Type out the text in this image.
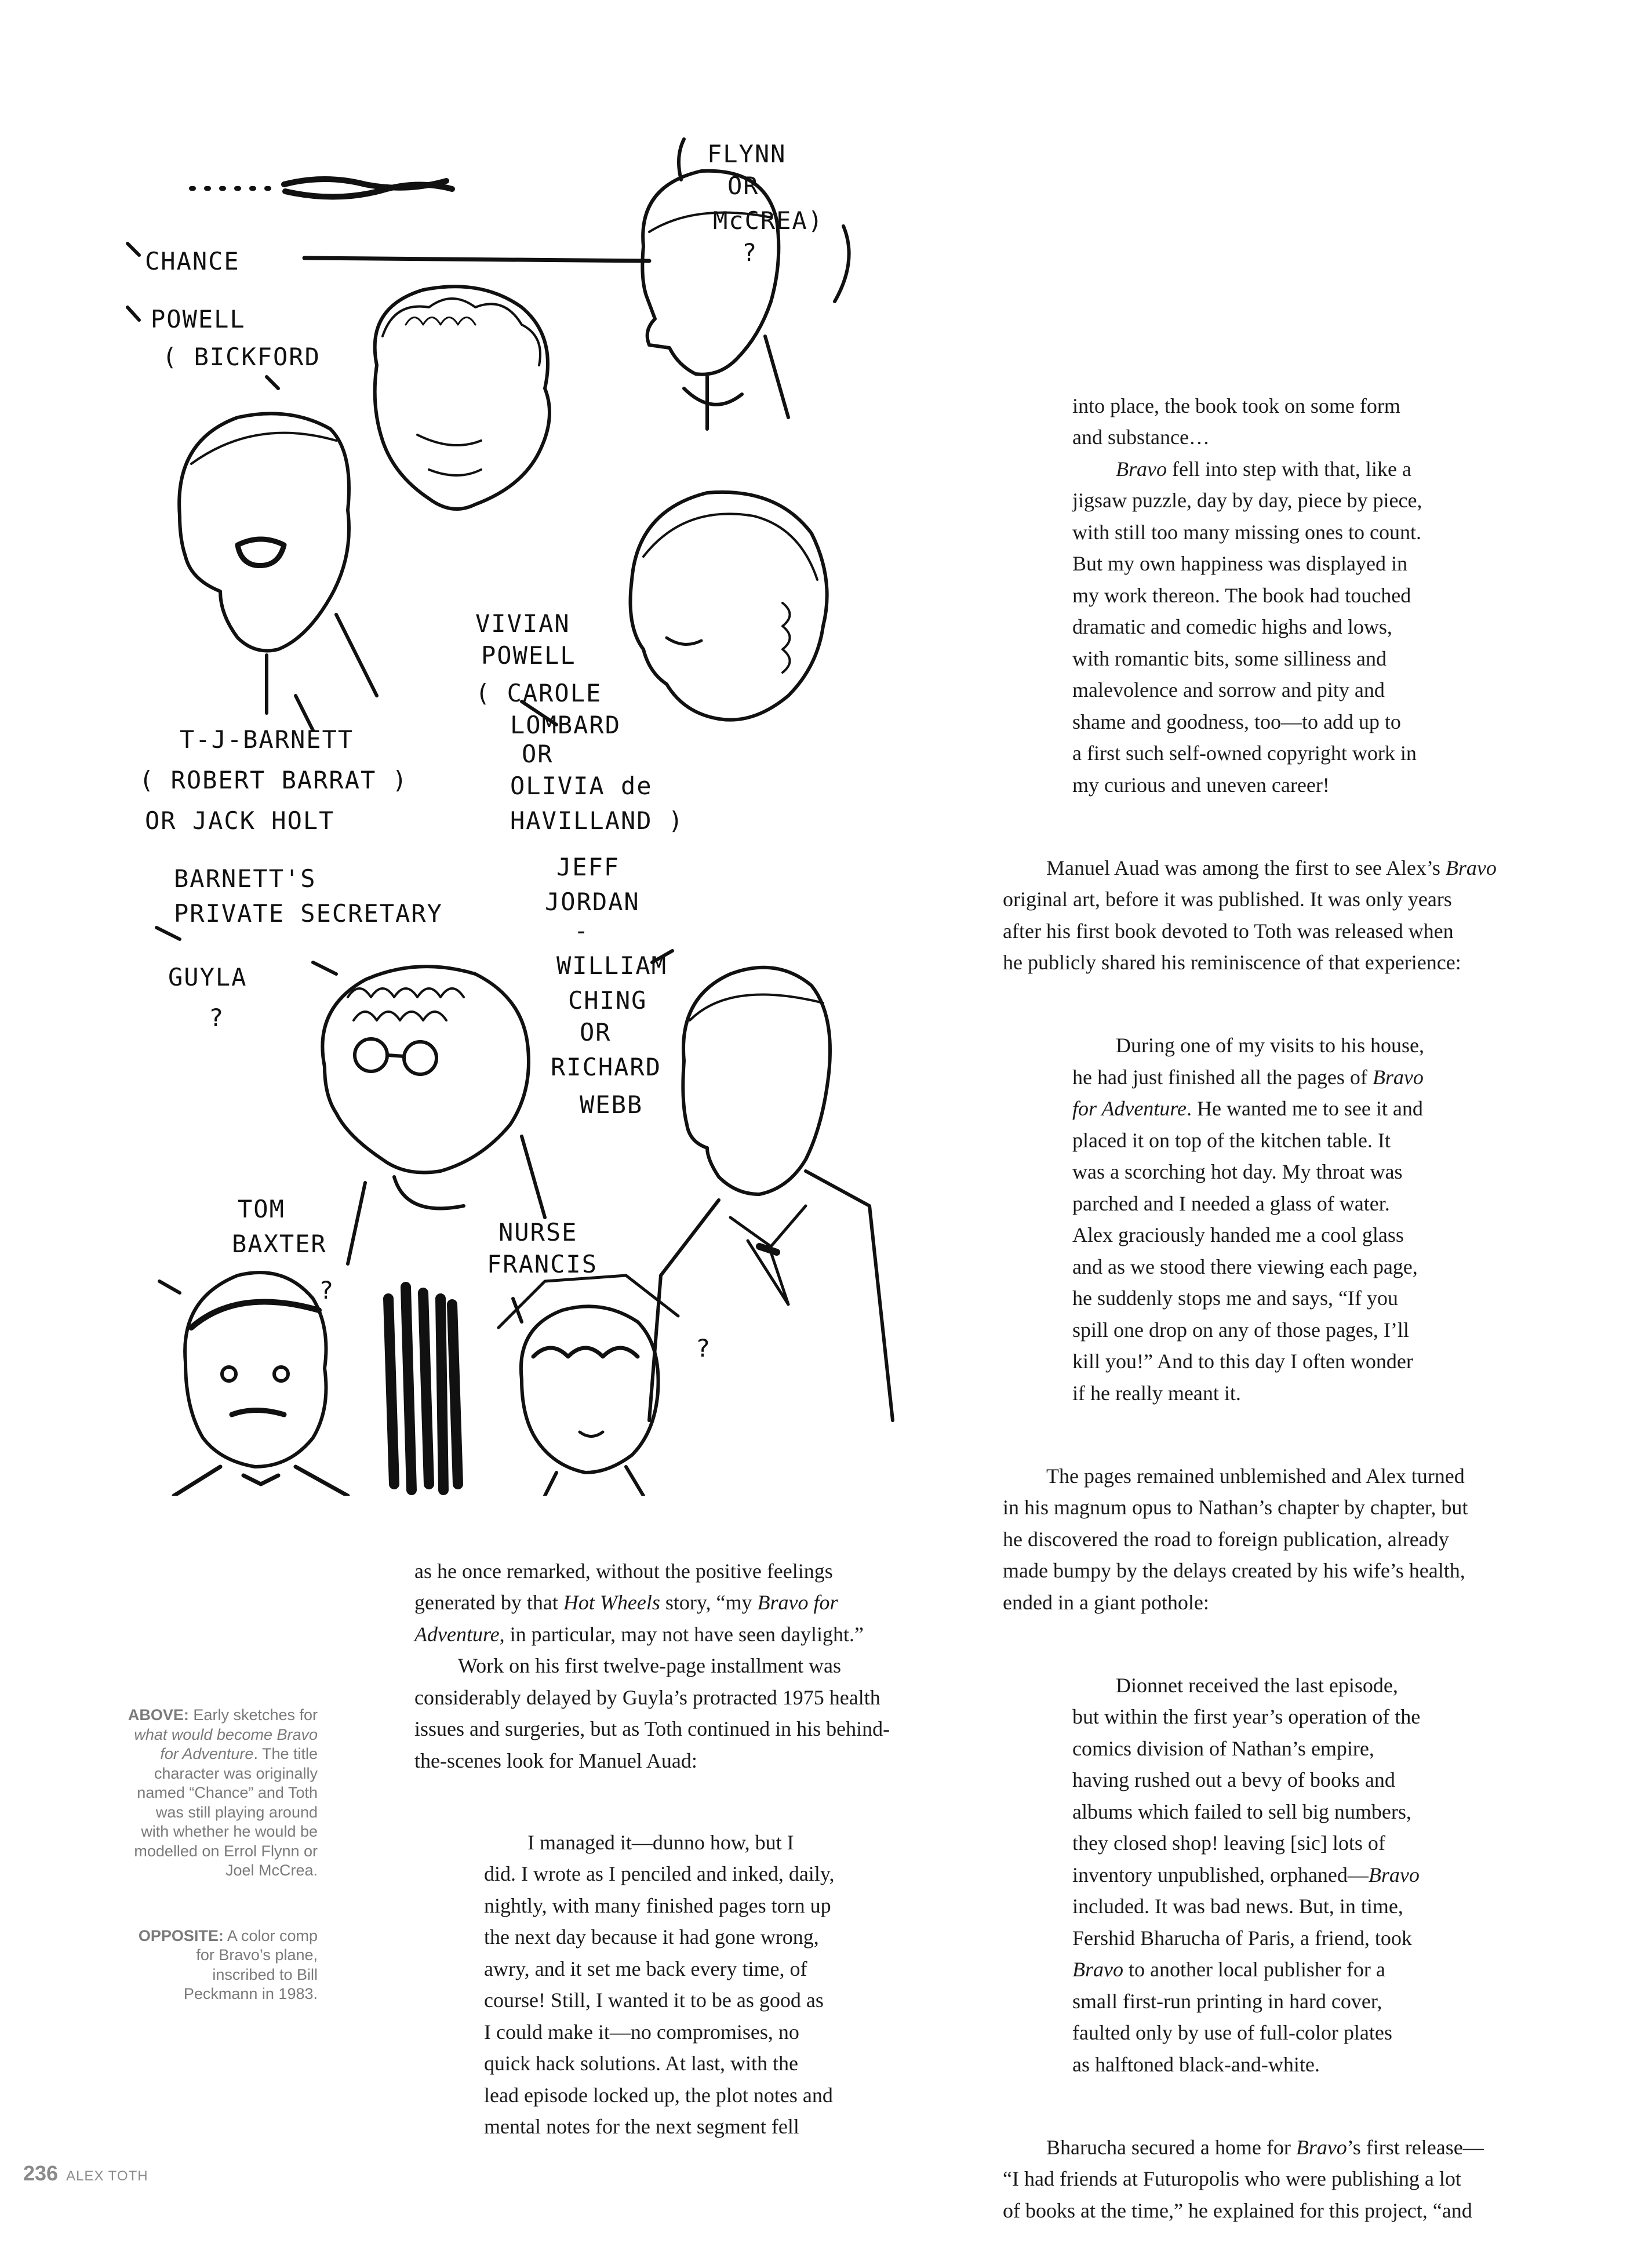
CHANCE
FLYNN
OR
McCREA)
?
POWELL
( BICKFORD
T-J-BARNETT
( ROBERT BARRAT )
OR JACK HOLT
VIVIAN
POWELL
( CAROLE
LOMBARD
OR
OLIVIA de
HAVILLAND )
BARNETT'S
PRIVATE SECRETARY
GUYLA
?
JEFF
JORDAN
-
WILLIAM
CHING
OR
RICHARD
WEBB
TOM
BAXTER
?
NURSE
FRANCIS
?

ABOVE: Early sketches for
what would become Bravo
for Adventure. The title
character was originally
named “Chance” and Toth
was still playing around
with whether he would be
modelled on Errol Flynn or
Joel McCrea.

OPPOSITE: A color comp
for Bravo’s plane,
inscribed to Bill
Peckmann in 1983.

as he once remarked, without the positive feelings
generated by that Hot Wheels story, “my Bravo for
Adventure, in particular, may not have seen daylight.”
Work on his first twelve-page installment was
considerably delayed by Guyla’s protracted 1975 health
issues and surgeries, but as Toth continued in his behind-
the-scenes look for Manuel Auad:

I managed it—dunno how, but I
did. I wrote as I penciled and inked, daily,
nightly, with many finished pages torn up
the next day because it had gone wrong,
awry, and it set me back every time, of
course! Still, I wanted it to be as good as
I could make it—no compromises, no
quick hack solutions. At last, with the
lead episode locked up, the plot notes and
mental notes for the next segment fell

into place, the book took on some form
and substance…
Bravo fell into step with that, like a
jigsaw puzzle, day by day, piece by piece,
with still too many missing ones to count.
But my own happiness was displayed in
my work thereon. The book had touched
dramatic and comedic highs and lows,
with romantic bits, some silliness and
malevolence and sorrow and pity and
shame and goodness, too—to add up to
a first such self-owned copyright work in
my curious and uneven career!

Manuel Auad was among the first to see Alex’s Bravo
original art, before it was published. It was only years
after his first book devoted to Toth was released when
he publicly shared his reminiscence of that experience:

During one of my visits to his house,
he had just finished all the pages of Bravo
for Adventure. He wanted me to see it and
placed it on top of the kitchen table. It
was a scorching hot day. My throat was
parched and I needed a glass of water.
Alex graciously handed me a cool glass
and as we stood there viewing each page,
he suddenly stops me and says, “If you
spill one drop on any of those pages, I’ll
kill you!” And to this day I often wonder
if he really meant it.

The pages remained unblemished and Alex turned
in his magnum opus to Nathan’s chapter by chapter, but
he discovered the road to foreign publication, already
made bumpy by the delays created by his wife’s health,
ended in a giant pothole:

Dionnet received the last episode,
but within the first year’s operation of the
comics division of Nathan’s empire,
having rushed out a bevy of books and
albums which failed to sell big numbers,
they closed shop! leaving [sic] lots of
inventory unpublished, orphaned—Bravo
included. It was bad news. But, in time,
Fershid Bharucha of Paris, a friend, took
Bravo to another local publisher for a
small first-run printing in hard cover,
faulted only by use of full-color plates
as halftoned black-and-white.

Bharucha secured a home for Bravo’s first release—
“I had friends at Futuropolis who were publishing a lot
of books at the time,” he explained for this project, “and

236 ALEX TOTH
